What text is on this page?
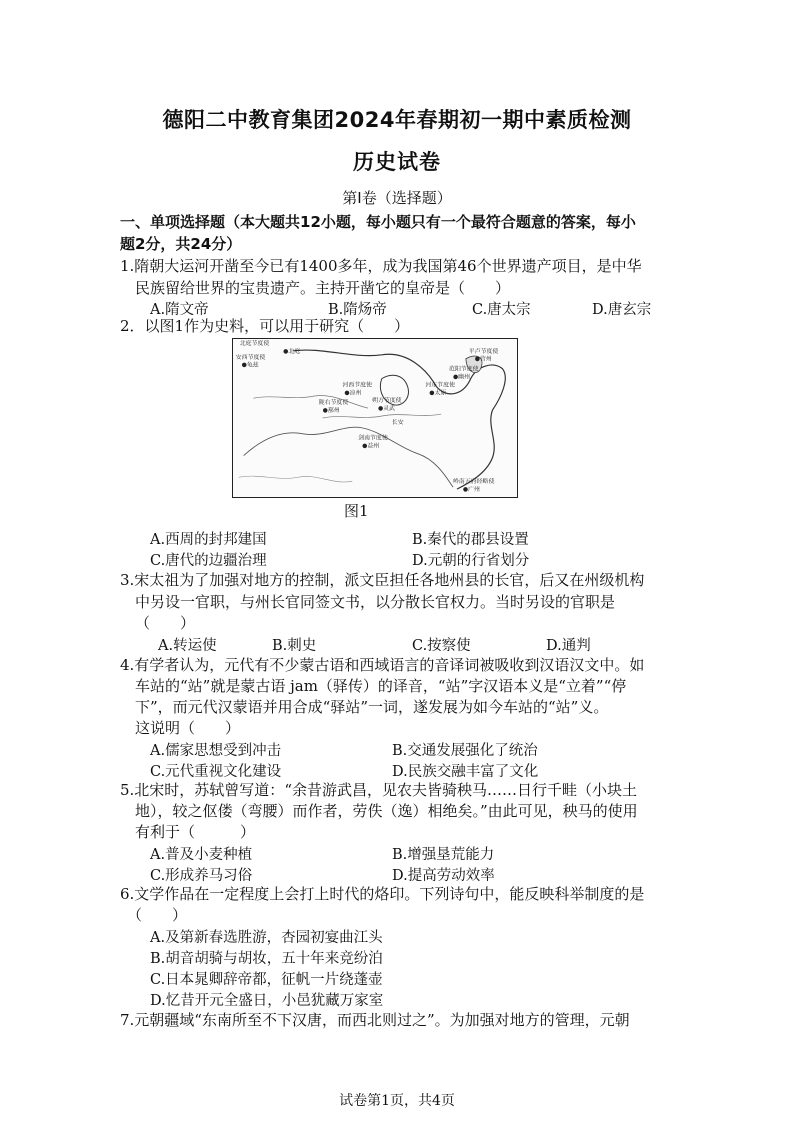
德阳二中教育集团2024年春期初一期中素质检测
历史试卷
第Ⅰ卷（选择题）
一、单项选择题（本大题共12小题，每小题只有一个最符合题意的答案，每小
题2分，共24分）
1.隋朝大运河开凿至今已有1400多年，成为我国第46个世界遗产项目，是中华
民族留给世界的宝贵遗产。主持开凿它的皇帝是（　　）
A.隋文帝	B.隋炀帝	C.唐太宗	D.唐玄宗
2．以图1作为史料，可以用于研究（　　）
北庭节度使
●北庭
安西节度使
●龟兹
河西节度使
●凉州
朔方节度使
●灵武
河东节度使
●太原
范阳节度使
●幽州
平卢节度使
●营州
陇右节度使
●鄯州
长安
剑南节度使
●益州
岭南五府经略使
●广州
图1
A.西周的封邦建国	B.秦代的郡县设置
C.唐代的边疆治理	D.元朝的行省划分
3.宋太祖为了加强对地方的控制，派文臣担任各地州县的长官，后又在州级机构
中另设一官职，与州长官同签文书，以分散长官权力。当时另设的官职是
（　　）
A.转运使	B.刺史	C.按察使	D.通判
4.有学者认为，元代有不少蒙古语和西域语言的音译词被吸收到汉语汉文中。如
车站的“站”就是蒙古语 jam（驿传）的译音，“站”字汉语本义是“立着”“停
下”，而元代汉蒙语并用合成“驿站”一词，遂发展为如今车站的“站”义。
这说明（　　）
A.儒家思想受到冲击	B.交通发展强化了统治
C.元代重视文化建设	D.民族交融丰富了文化
5.北宋时，苏轼曾写道：“余昔游武昌，见农夫皆骑秧马……日行千畦（小块土
地），较之伛偻（弯腰）而作者，劳佚（逸）相绝矣。”由此可见，秧马的使用
有利于（　　　）
A.普及小麦种植	B.增强垦荒能力
C.形成养马习俗	D.提高劳动效率
6.文学作品在一定程度上会打上时代的烙印。下列诗句中，能反映科举制度的是
（　　）
A.及第新春选胜游，杏园初宴曲江头
B.胡音胡骑与胡妆，五十年来竞纷泊
C.日本晁卿辞帝都，征帆一片绕蓬壶
D.忆昔开元全盛日，小邑犹藏万家室
7.元朝疆域“东南所至不下汉唐，而西北则过之”。为加强对地方的管理，元朝
试卷第1页，共4页
